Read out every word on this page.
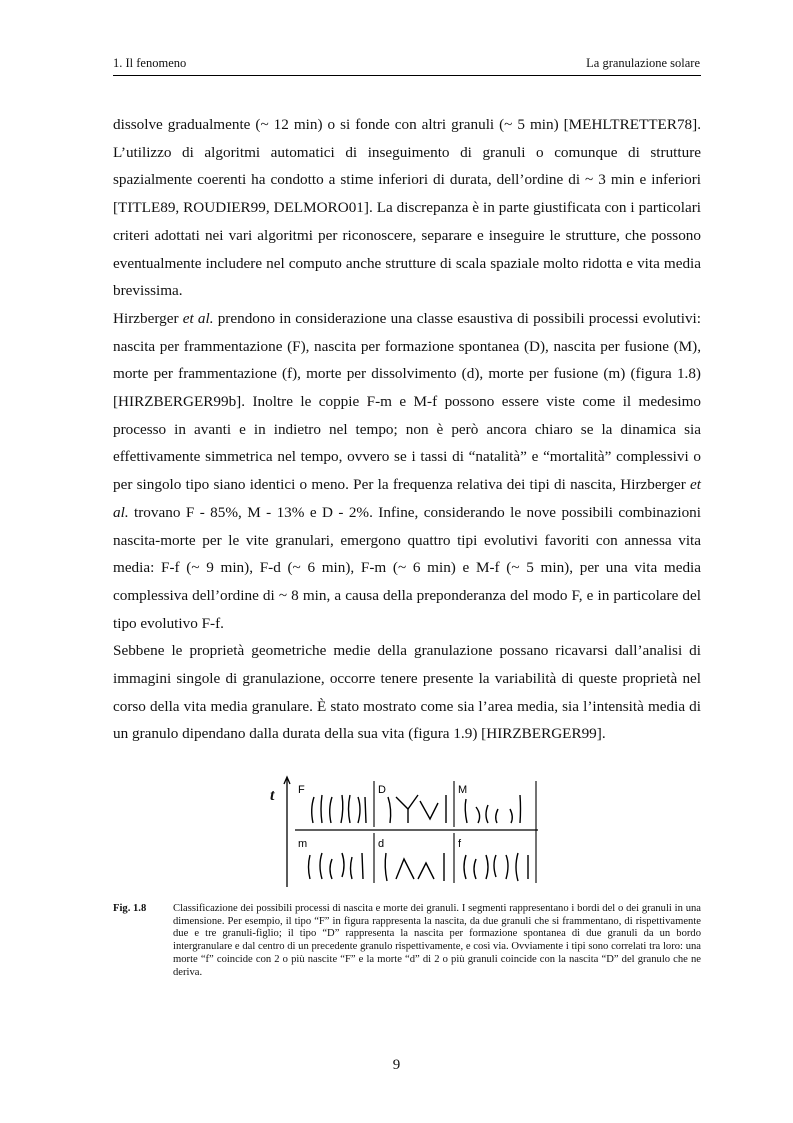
1. Il fenomeno	La granulazione solare

dissolve gradualmente (~ 12 min) o si fonde con altri granuli (~ 5 min) [MEHLTRETTER78]. L’utilizzo di algoritmi automatici di inseguimento di granuli o comunque di strutture spazialmente coerenti ha condotto a stime inferiori di durata, dell’ordine di ~ 3 min e inferiori [TITLE89, ROUDIER99, DELMORO01]. La discrepanza è in parte giustificata con i particolari criteri adottati nei vari algoritmi per riconoscere, separare e inseguire le strutture, che possono eventualmente includere nel computo anche strutture di scala spaziale molto ridotta e vita media brevissima.

Hirzberger et al. prendono in considerazione una classe esaustiva di possibili processi evolutivi: nascita per frammentazione (F), nascita per formazione spontanea (D), nascita per fusione (M), morte per frammentazione (f), morte per dissolvimento (d), morte per fusione (m) (figura 1.8) [HIRZBERGER99b]. Inoltre le coppie F-m e M-f possono essere viste come il medesimo processo in avanti e in indietro nel tempo; non è però ancora chiaro se la dinamica sia effettivamente simmetrica nel tempo, ovvero se i tassi di “natalità” e “mortalità” complessivi o per singolo tipo siano identici o meno. Per la frequenza relativa dei tipi di nascita, Hirzberger et al. trovano F - 85%, M - 13% e D - 2%. Infine, considerando le nove possibili combinazioni nascita-morte per le vite granulari, emergono quattro tipi evolutivi favoriti con annessa vita media: F-f (~ 9 min), F-d (~ 6 min), F-m (~ 6 min) e M-f (~ 5 min), per una vita media complessiva dell’ordine di ~ 8 min, a causa della preponderanza del modo F, e in particolare del tipo evolutivo F-f.

Sebbene le proprietà geometriche medie della granulazione possano ricavarsi dall’analisi di immagini singole di granulazione, occorre tenere presente la variabilità di queste proprietà nel corso della vita media granulare. È stato mostrato come sia l’area media, sia l’intensità media di un granulo dipendano dalla durata della sua vita (figura 1.9) [HIRZBERGER99].

t F	D	M
m	d	f
Fig. 1.8	Classificazione dei possibili processi di nascita e morte dei granuli. I segmenti rappresentano i bordi del o dei granuli in una dimensione. Per esempio, il tipo “F” in figura rappresenta la nascita, da due granuli che si frammentano, di rispettivamente due e tre granuli-figlio; il tipo “D” rappresenta la nascita per formazione spontanea di due granuli da un bordo intergranulare e dal centro di un precedente granulo rispettivamente, e così via. Ovviamente i tipi sono correlati tra loro: una morte “f” coincide con 2 o più nascite “F” e la morte “d” di 2 o più granuli coincide con la nascita “D” del granulo che ne deriva.
9
